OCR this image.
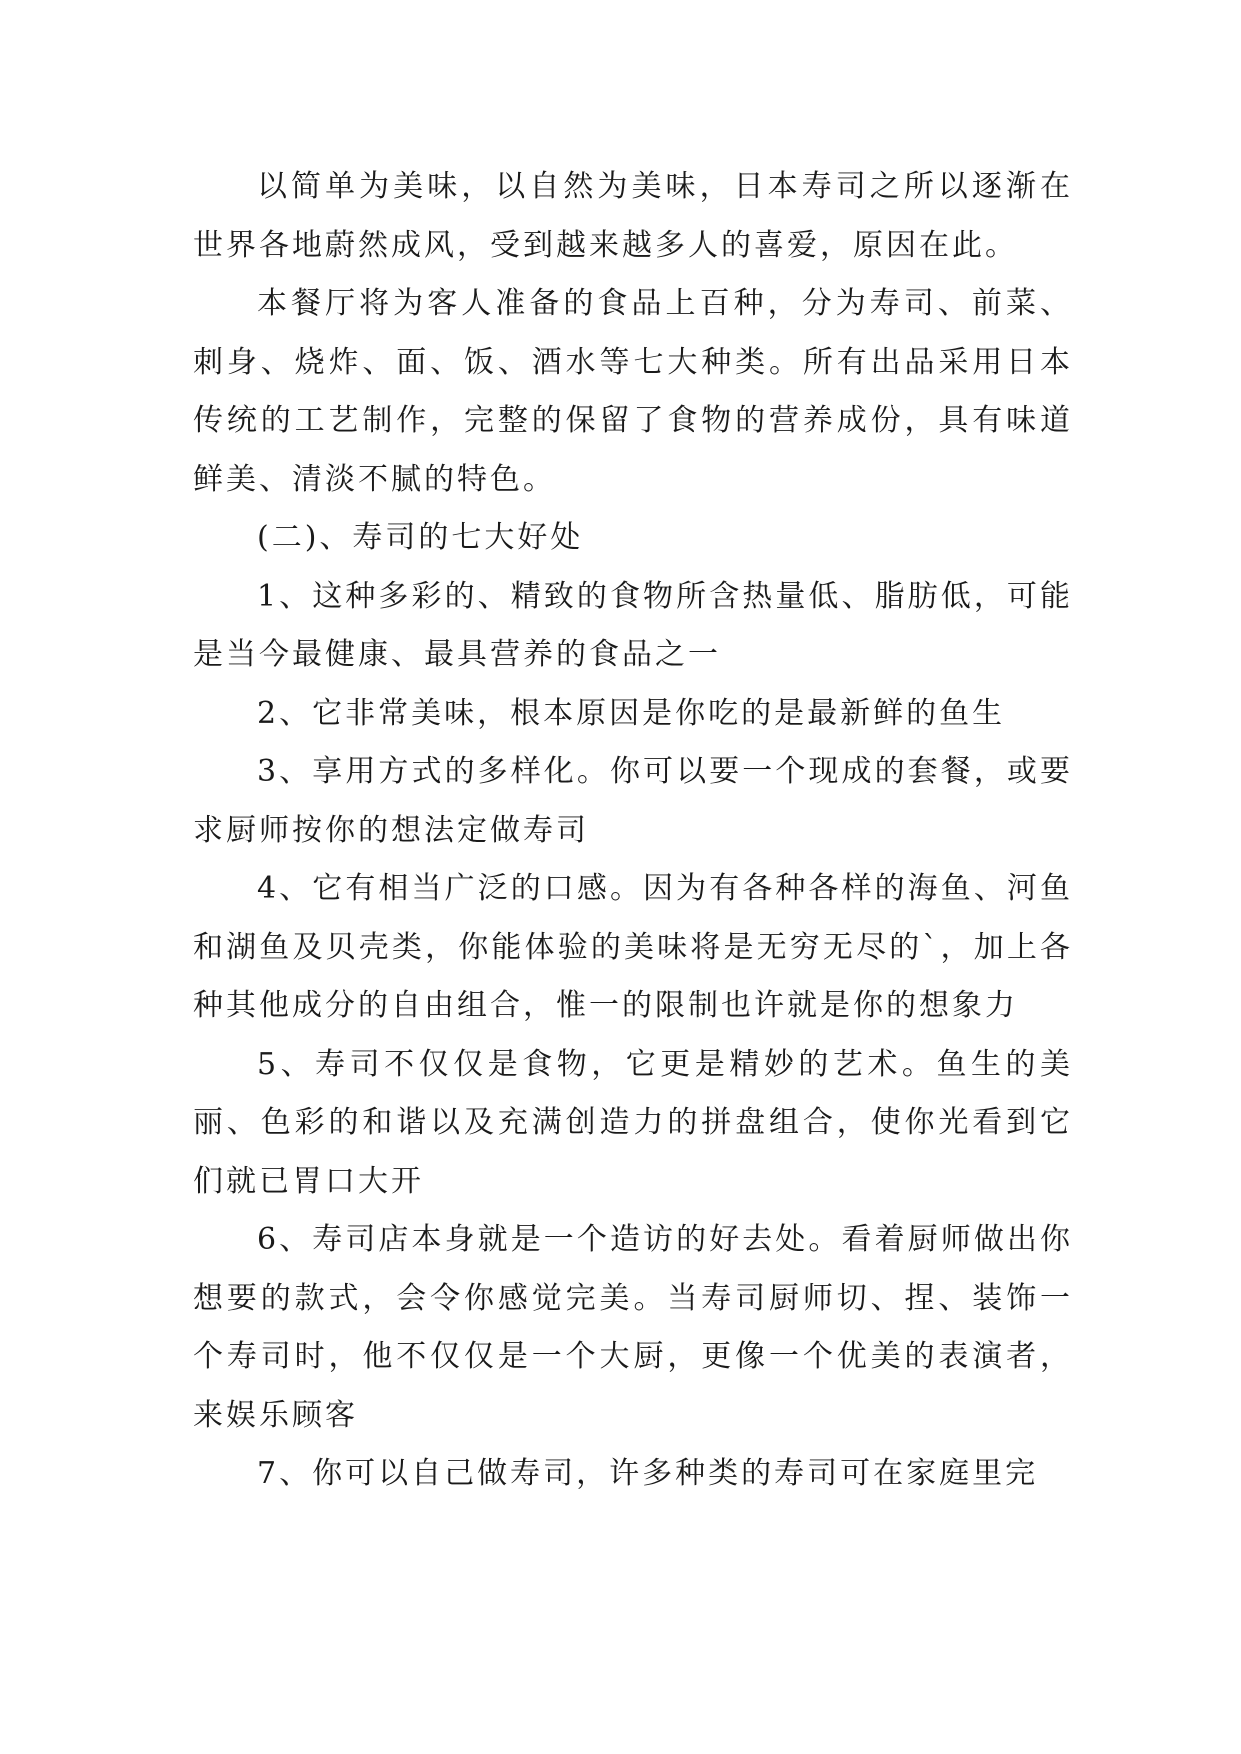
以简单为美味，以自然为美味，日本寿司之所以逐渐在世界各地蔚然成风，受到越来越多人的喜爱，原因在此。

本餐厅将为客人准备的食品上百种，分为寿司、前菜、刺身、烧炸、面、饭、酒水等七大种类。所有出品采用日本传统的工艺制作，完整的保留了食物的营养成份，具有味道鲜美、清淡不腻的特色。

(二)、寿司的七大好处

1、这种多彩的、精致的食物所含热量低、脂肪低，可能是当今最健康、最具营养的食品之一

2、它非常美味，根本原因是你吃的是最新鲜的鱼生

3、享用方式的多样化。你可以要一个现成的套餐，或要求厨师按你的想法定做寿司

4、它有相当广泛的口感。因为有各种各样的海鱼、河鱼和湖鱼及贝壳类，你能体验的美味将是无穷无尽的`，加上各种其他成分的自由组合，惟一的限制也许就是你的想象力

5、寿司不仅仅是食物，它更是精妙的艺术。鱼生的美丽、色彩的和谐以及充满创造力的拼盘组合，使你光看到它们就已胃口大开

6、寿司店本身就是一个造访的好去处。看着厨师做出你想要的款式，会令你感觉完美。当寿司厨师切、捏、装饰一个寿司时，他不仅仅是一个大厨，更像一个优美的表演者，来娱乐顾客

7、你可以自己做寿司，许多种类的寿司可在家庭里完
